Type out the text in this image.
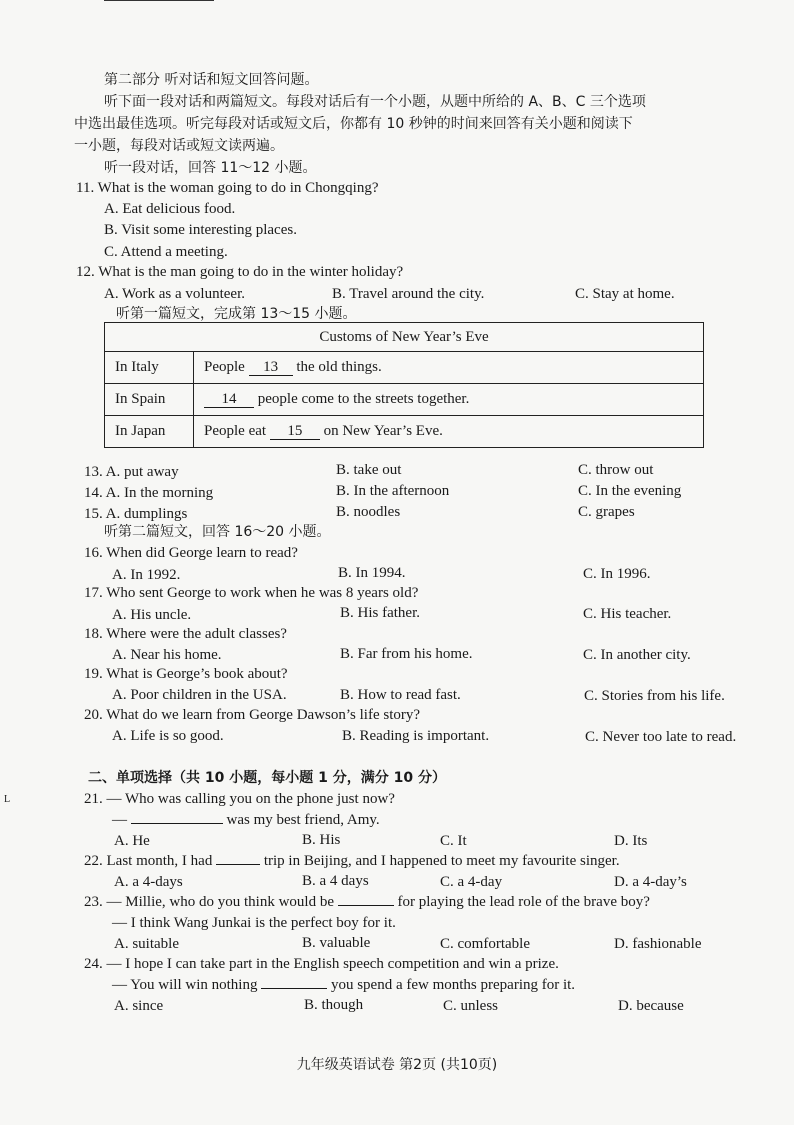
L
第二部分 听对话和短文回答问题。
听下面一段对话和两篇短文。每段对话后有一个小题，从题中所给的 A、B、C 三个选项
中选出最佳选项。听完每段对话或短文后，你都有 10 秒钟的时间来回答有关小题和阅读下
一小题，每段对话或短文读两遍。
听一段对话，回答 11～12 小题。
11. What is the woman going to do in Chongqing?
A. Eat delicious food.
B. Visit some interesting places.
C. Attend a meeting.
12. What is the man going to do in the winter holiday?
A. Work as a volunteer.	B. Travel around the city.	C. Stay at home.
听第一篇短文，完成第 13～15 小题。
Customs of New Year’s Eve	
In Italy	People 13 the old things.
In Spain	14 people come to the streets together.
In Japan	People eat 15 on New Year’s Eve.
13. A. put away	B. take out	C. throw out
14. A. In the morning	B. In the afternoon	C. In the evening
15. A. dumplings	B. noodles	C. grapes
听第二篇短文，回答 16～20 小题。
16. When did George learn to read?
A. In 1992.	B. In 1994.	C. In 1996.
17. Who sent George to work when he was 8 years old?
A. His uncle.	B. His father.	C. His teacher.
18. Where were the adult classes?
A. Near his home.	B. Far from his home.	C. In another city.
19. What is George’s book about?
A. Poor children in the USA.	B. How to read fast.	C. Stories from his life.
20. What do we learn from George Dawson’s life story?
A. Life is so good.	B. Reading is important.	C. Never too late to read.
二、单项选择（共 10 小题，每小题 1 分，满分 10 分）
21. — Who was calling you on the phone just now?
—	was my best friend, Amy.
A. He	B. His	C. It	D. Its
22. Last month, I had	trip in Beijing, and I happened to meet my favourite singer.
A. a 4-days	B. a 4 days	C. a 4-day	D. a 4-day’s
23. — Millie, who do you think would be	for playing the lead role of the brave boy?
— I think Wang Junkai is the perfect boy for it.
A. suitable	B. valuable	C. comfortable	D. fashionable
24. — I hope I can take part in the English speech competition and win a prize.
— You will win nothing	you spend a few months preparing for it.
A. since	B. though	C. unless	D. because
九年级英语试卷 第2页 (共10页)
